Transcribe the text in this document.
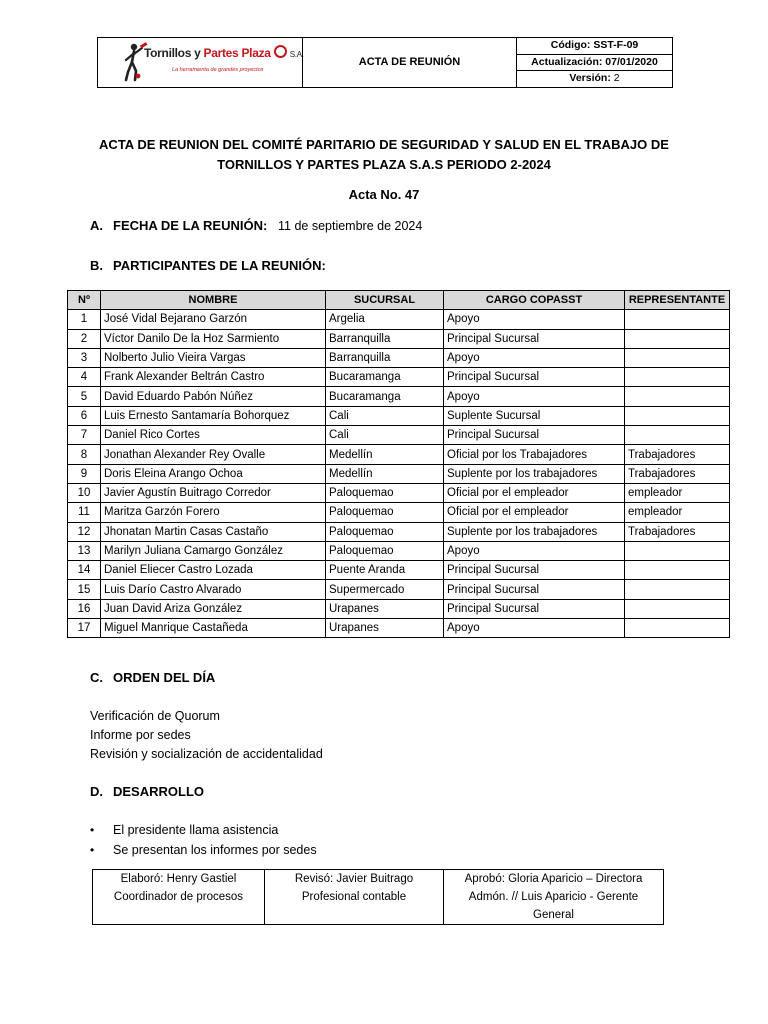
Tornillos y Partes Plaza S.A.
La herramienta de grandes proyectos
	ACTA DE REUNIÓN	
Código: SST-F-09
Actualización: 07/01/2020
Versión: 2
ACTA DE REUNION DEL COMITÉ PARITARIO DE SEGURIDAD Y SALUD EN EL TRABAJO DE TORNILLOS Y PARTES PLAZA S.A.S PERIODO 2-2024
Acta No. 47
A. FECHA DE LA REUNIÓN: 11 de septiembre de 2024
B. PARTICIPANTES DE LA REUNIÓN:
Nº	NOMBRE	SUCURSAL	CARGO COPASST	REPRESENTANTE
1	José Vidal Bejarano Garzón	Argelia	Apoyo	
2	Víctor Danilo De la Hoz Sarmiento	Barranquilla	Principal Sucursal	
3	Nolberto Julio Vieira Vargas	Barranquilla	Apoyo	
4	Frank Alexander Beltrán Castro	Bucaramanga	Principal Sucursal	
5	David Eduardo Pabón Núñez	Bucaramanga	Apoyo	
6	Luis Ernesto Santamaría Bohorquez	Cali	Suplente Sucursal	
7	Daniel Rico Cortes	Cali	Principal Sucursal	
8	Jonathan Alexander Rey Ovalle	Medellín	Oficial por los Trabajadores	Trabajadores
9	Doris Eleina Arango Ochoa	Medellín	Suplente por los trabajadores	Trabajadores
10	Javier Agustín Buitrago Corredor	Paloquemao	Oficial por el empleador	empleador
11	Maritza Garzón Forero	Paloquemao	Oficial por el empleador	empleador
12	Jhonatan Martin Casas Castaño	Paloquemao	Suplente por los trabajadores	Trabajadores
13	Marilyn Juliana Camargo González	Paloquemao	Apoyo	
14	Daniel Eliecer Castro Lozada	Puente Aranda	Principal Sucursal	
15	Luis Darío Castro Alvarado	Supermercado	Principal Sucursal	
16	Juan David Ariza González	Urapanes	Principal Sucursal	
17	Miguel Manrique Castañeda	Urapanes	Apoyo	
C. ORDEN DEL DÍA
Verificación de Quorum
Informe por sedes
Revisión y socialización de accidentalidad
D. DESARROLLO
• El presidente llama asistencia
• Se presentan los informes por sedes
Elaboró: Henry Gastiel Coordinador de procesos	Revisó: Javier Buitrago Profesional contable	Aprobó: Gloria Aparicio – Directora Admón. // Luis Aparicio - Gerente General
